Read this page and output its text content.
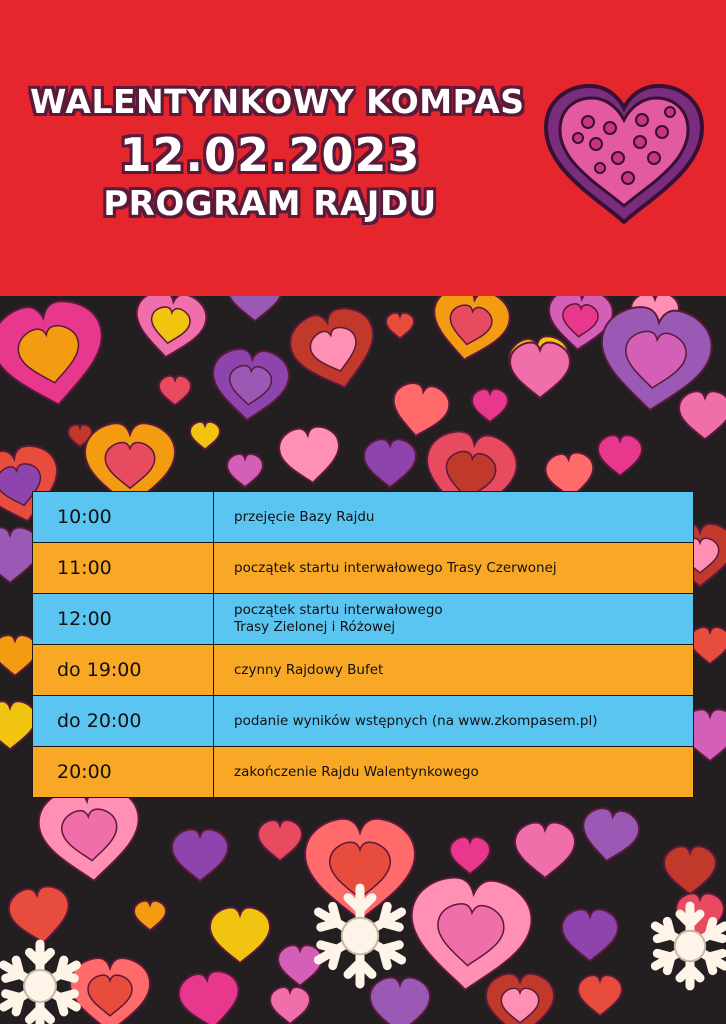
WALENTYNKOWY KOMPAS
12.02.2023
PROGRAM RAJDU
10:00	przejęcie Bazy Rajdu
11:00	początek startu interwałowego Trasy Czerwonej
12:00	początek startu interwałowego
Trasy Zielonej i Różowej
do 19:00	czynny Rajdowy Bufet
do 20:00	podanie wyników wstępnych (na www.zkompasem.pl)
20:00	zakończenie Rajdu Walentynkowego
